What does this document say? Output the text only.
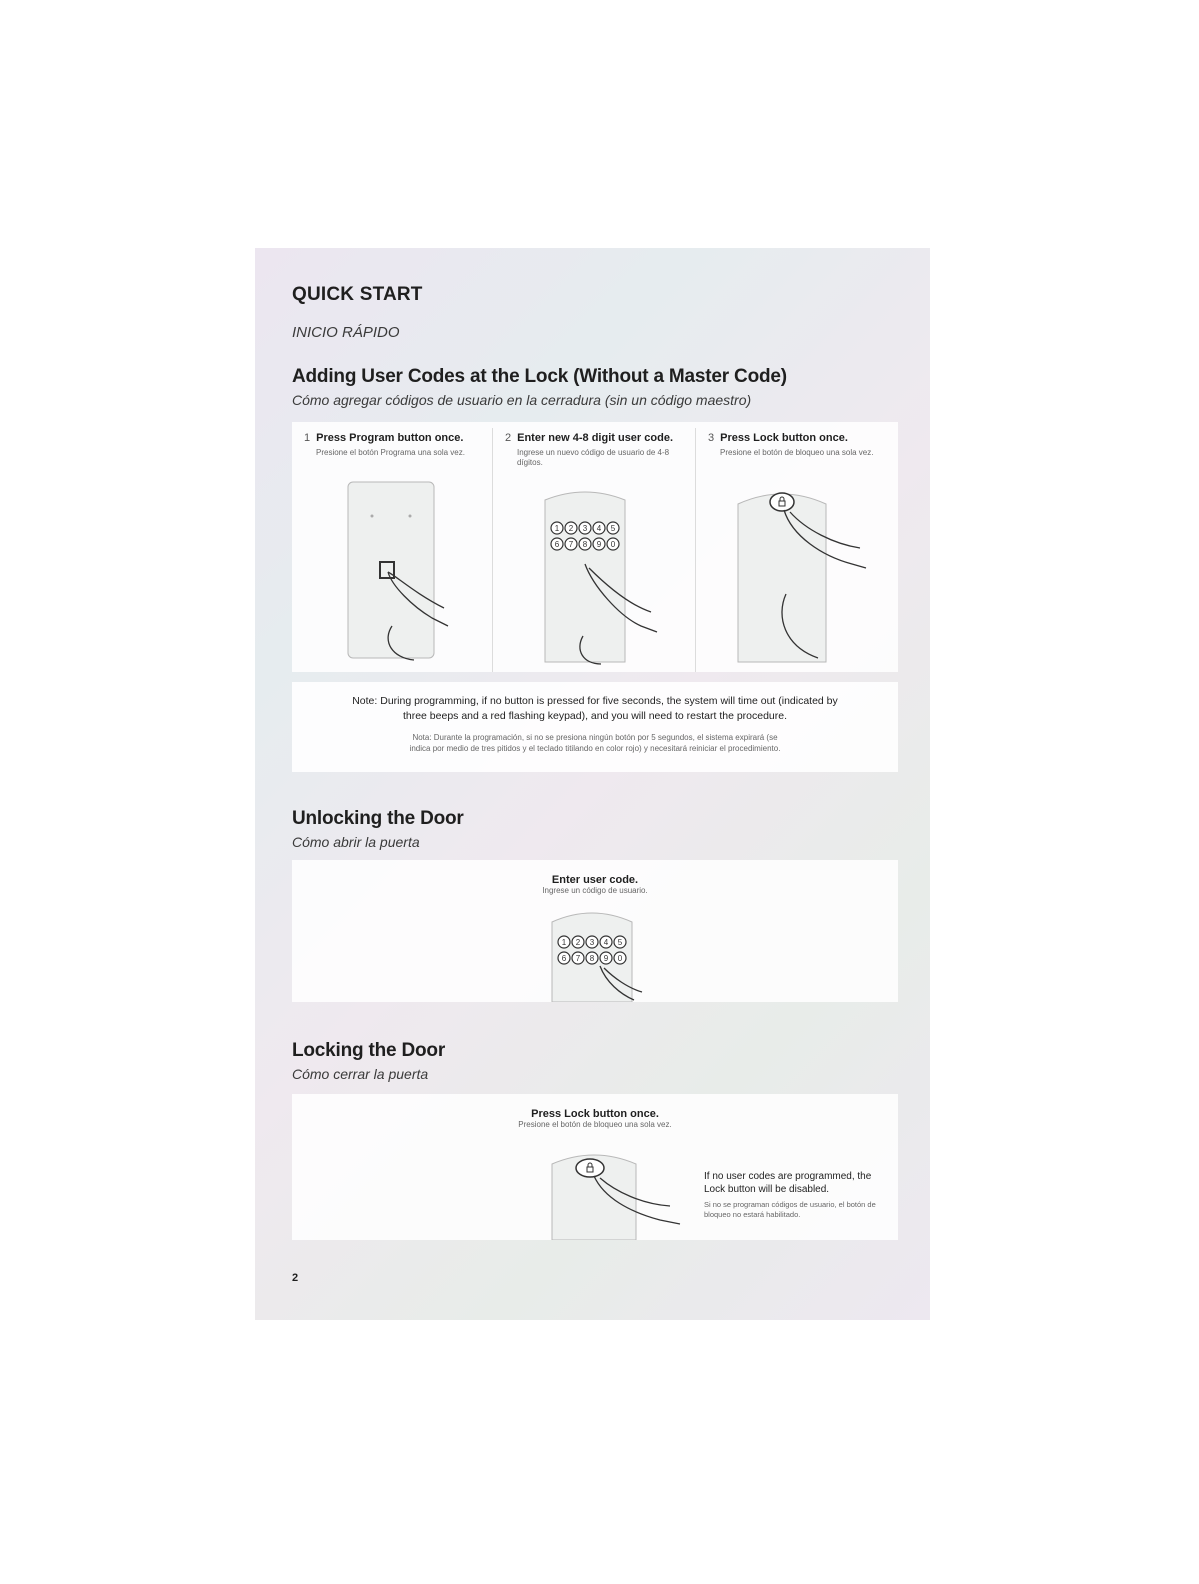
QUICK START
INICIO RÁPIDO
Adding User Codes at the Lock (Without a Master Code)
Cómo agregar códigos de usuario en la cerradura (sin un código maestro)
1 Press Program button once.
Presione el botón Programa una sola vez.
2 Enter new 4-8 digit user code.
Ingrese un nuevo código de usuario de 4-8 dígitos.
1 2 3 4 5
6 7 8 9 0
3 Press Lock button once.
Presione el botón de bloqueo una sola vez.
Note: During programming, if no button is pressed for five seconds, the system will time out (indicated by three beeps and a red flashing keypad), and you will need to restart the procedure.
Nota: Durante la programación, si no se presiona ningún botón por 5 segundos, el sistema expirará (se indica por medio de tres pitidos y el teclado titilando en color rojo) y necesitará reiniciar el procedimiento.
Unlocking the Door
Cómo abrir la puerta
Enter user code.
Ingrese un código de usuario.
1 2 3 4 5
6 7 8 9 0
Locking the Door
Cómo cerrar la puerta
Press Lock button once.
Presione el botón de bloqueo una sola vez.
If no user codes are programmed, the Lock button will be disabled.
Si no se programan códigos de usuario, el botón de bloqueo no estará habilitado.
2
